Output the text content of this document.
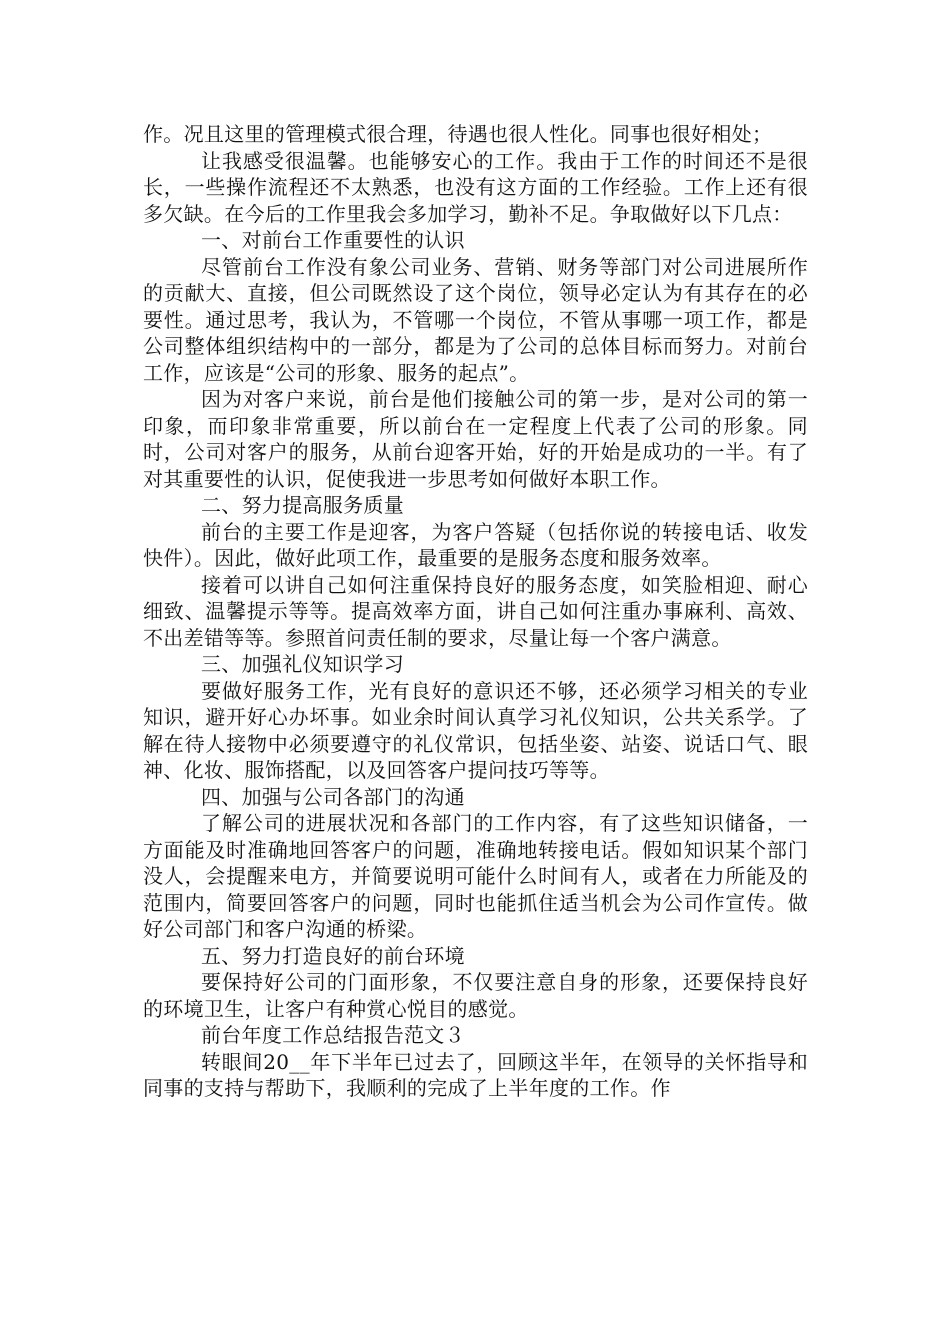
作。况且这里的管理模式很合理，待遇也很人性化。同事也很好相处；

让我感受很温馨。也能够安心的工作。我由于工作的时间还不是很长，一些操作流程还不太熟悉，也没有这方面的工作经验。工作上还有很多欠缺。在今后的工作里我会多加学习，勤补不足。争取做好以下几点：

一、对前台工作重要性的认识

尽管前台工作没有象公司业务、营销、财务等部门对公司进展所作的贡献大、直接，但公司既然设了这个岗位，领导必定认为有其存在的必要性。通过思考，我认为，不管哪一个岗位，不管从事哪一项工作，都是公司整体组织结构中的一部分，都是为了公司的总体目标而努力。对前台工作，应该是“公司的形象、服务的起点”。

因为对客户来说，前台是他们接触公司的第一步，是对公司的第一印象，而印象非常重要，所以前台在一定程度上代表了公司的形象。同时，公司对客户的服务，从前台迎客开始，好的开始是成功的一半。有了对其重要性的认识，促使我进一步思考如何做好本职工作。

二、努力提高服务质量

前台的主要工作是迎客，为客户答疑（包括你说的转接电话、收发快件）。因此，做好此项工作，最重要的是服务态度和服务效率。

接着可以讲自己如何注重保持良好的服务态度，如笑脸相迎、耐心细致、温馨提示等等。提高效率方面，讲自己如何注重办事麻利、高效、不出差错等等。参照首问责任制的要求，尽量让每一个客户满意。

三、加强礼仪知识学习

要做好服务工作，光有良好的意识还不够，还必须学习相关的专业知识，避开好心办坏事。如业余时间认真学习礼仪知识，公共关系学。了解在待人接物中必须要遵守的礼仪常识，包括坐姿、站姿、说话口气、眼神、化妆、服饰搭配，以及回答客户提问技巧等等。

四、加强与公司各部门的沟通

了解公司的进展状况和各部门的工作内容，有了这些知识储备，一方面能及时准确地回答客户的问题，准确地转接电话。假如知识某个部门没人，会提醒来电方，并简要说明可能什么时间有人，或者在力所能及的范围内，简要回答客户的问题，同时也能抓住适当机会为公司作宣传。做好公司部门和客户沟通的桥梁。

五、努力打造良好的前台环境

要保持好公司的门面形象，不仅要注意自身的形象，还要保持良好的环境卫生，让客户有种赏心悦目的感觉。

前台年度工作总结报告范文３

转眼间20__年下半年已过去了，回顾这半年，在领导的关怀指导和同事的支持与帮助下，我顺利的完成了上半年度的工作。作
